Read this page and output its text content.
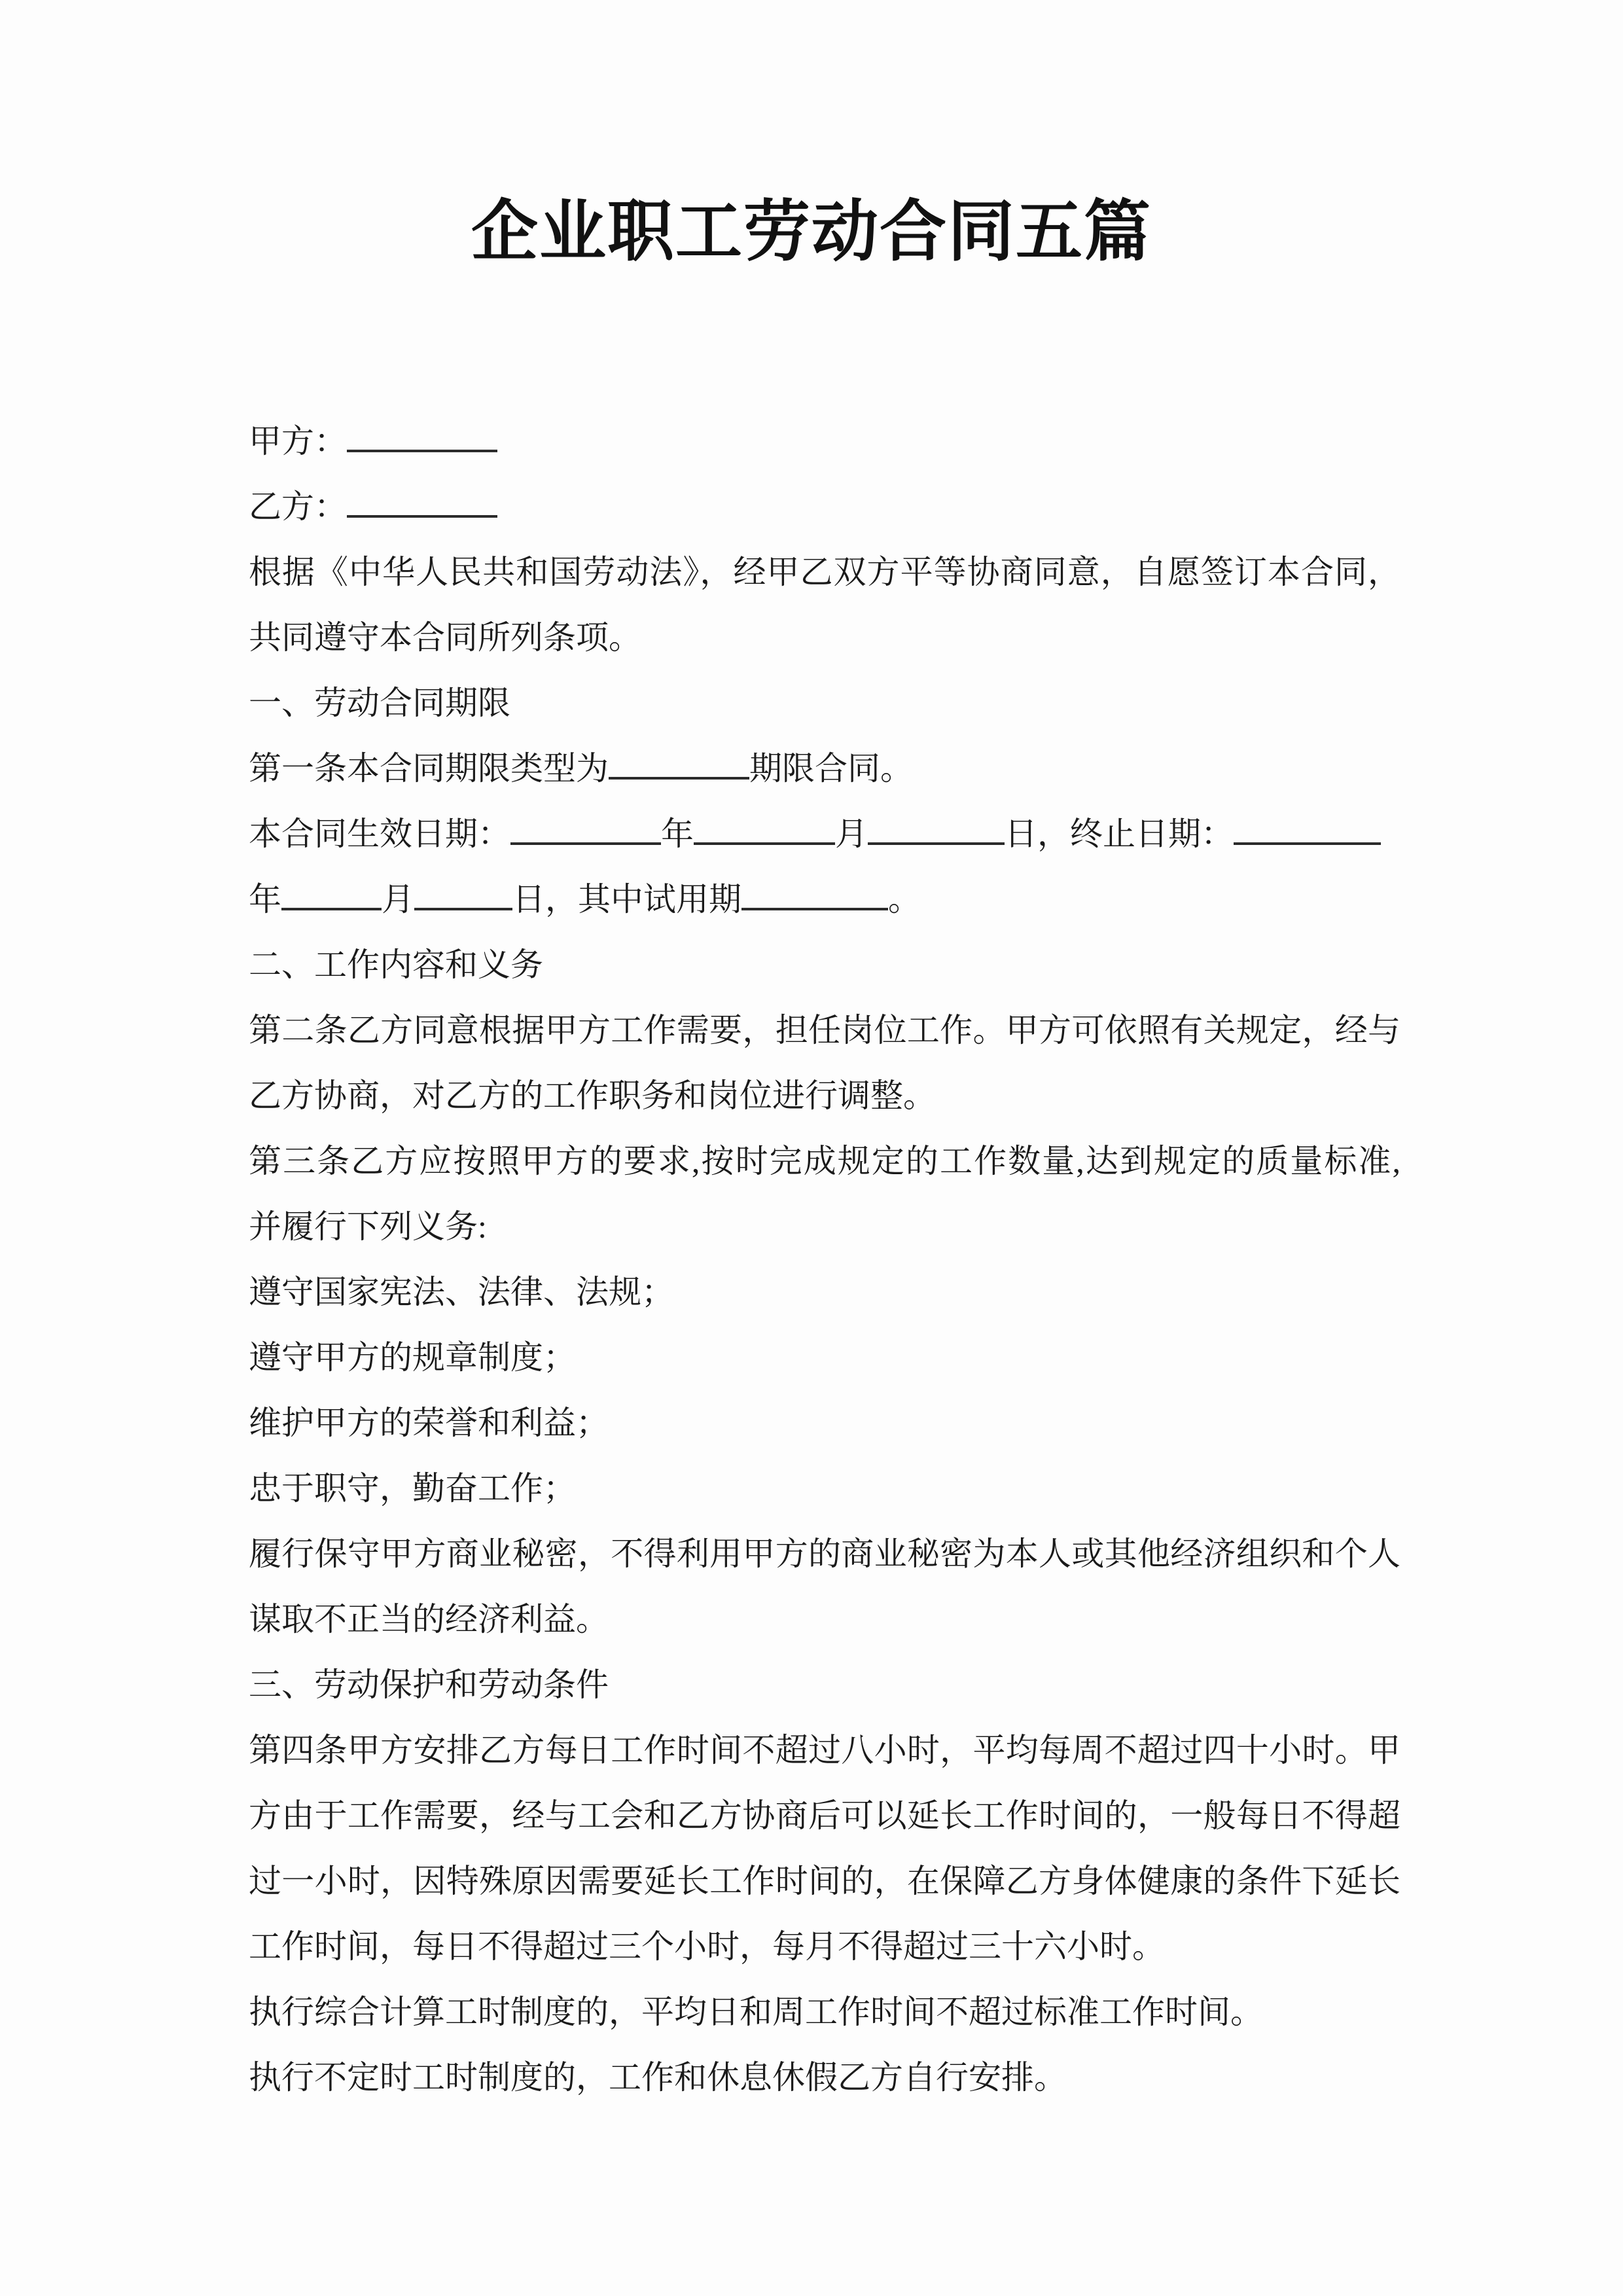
企业职工劳动合同五篇
甲方：
乙方：
根据《中华人民共和国劳动法》，经甲乙双方平等协商同意，自愿签订本合同，
共同遵守本合同所列条项。
一、劳动合同期限
第一条本合同期限类型为	期限合同。
本合同生效日期：	年	月	日，终止日期：
年	月	日，其中试用期	。
二、工作内容和义务
第二条乙方同意根据甲方工作需要，担任岗位工作。甲方可依照有关规定，经与
乙方协商，对乙方的工作职务和岗位进行调整。
第三条乙方应按照甲方的要求,按时完成规定的工作数量,达到规定的质量标准,
并履行下列义务:
遵守国家宪法、法律、法规；
遵守甲方的规章制度；
维护甲方的荣誉和利益；
忠于职守，勤奋工作；
履行保守甲方商业秘密，不得利用甲方的商业秘密为本人或其他经济组织和个人
谋取不正当的经济利益。
三、劳动保护和劳动条件
第四条甲方安排乙方每日工作时间不超过八小时，平均每周不超过四十小时。甲
方由于工作需要，经与工会和乙方协商后可以延长工作时间的，一般每日不得超
过一小时，因特殊原因需要延长工作时间的，在保障乙方身体健康的条件下延长
工作时间，每日不得超过三个小时，每月不得超过三十六小时。
执行综合计算工时制度的，平均日和周工作时间不超过标准工作时间。
执行不定时工时制度的，工作和休息休假乙方自行安排。
